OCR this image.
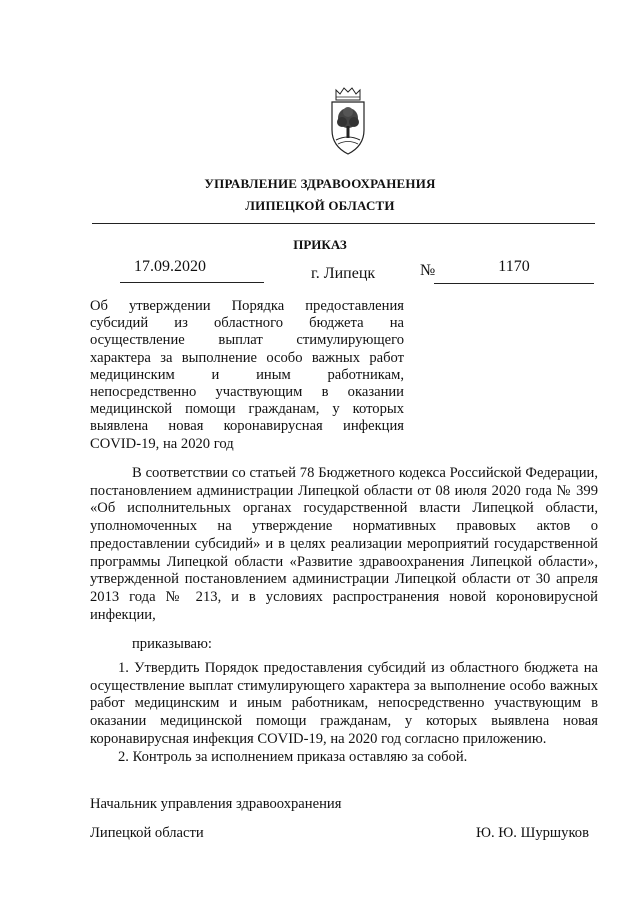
УПРАВЛЕНИЕ ЗДРАВООХРАНЕНИЯ
ЛИПЕЦКОЙ ОБЛАСТИ
ПРИКАЗ
17.09.2020	г. Липецк	№	1170
Об утверждении Порядка предоставления субсидий из областного бюджета на осуществление выплат стимулирующего характера за выполнение особо важных работ медицинским и иным работникам, непосредственно участвующим в оказании медицинской помощи гражданам, у которых выявлена новая коронавирусная инфекция COVID-19, на 2020 год

В соответствии со статьей 78 Бюджетного кодекса Российской Федерации, постановлением администрации Липецкой области от 08 июля 2020 года № 399 «Об исполнительных органах государственной власти Липецкой области, уполномоченных на утверждение нормативных правовых актов о предоставлении субсидий» и в целях реализации мероприятий государственной программы Липецкой области «Развитие здравоохранения Липецкой области», утвержденной постановлением администрации Липецкой области от 30 апреля 2013 года № 213, и в условиях распространения новой короновирусной инфекции,

приказываю:

1. Утвердить Порядок предоставления субсидий из областного бюджета на осуществление выплат стимулирующего характера за выполнение особо важных работ медицинским и иным работникам, непосредственно участвующим в оказании медицинской помощи гражданам, у которых выявлена новая коронавирусная инфекция COVID-19, на 2020 год согласно приложению.

2. Контроль за исполнением приказа оставляю за собой.

Начальник управления здравоохранения
Липецкой области	Ю. Ю. Шуршуков
